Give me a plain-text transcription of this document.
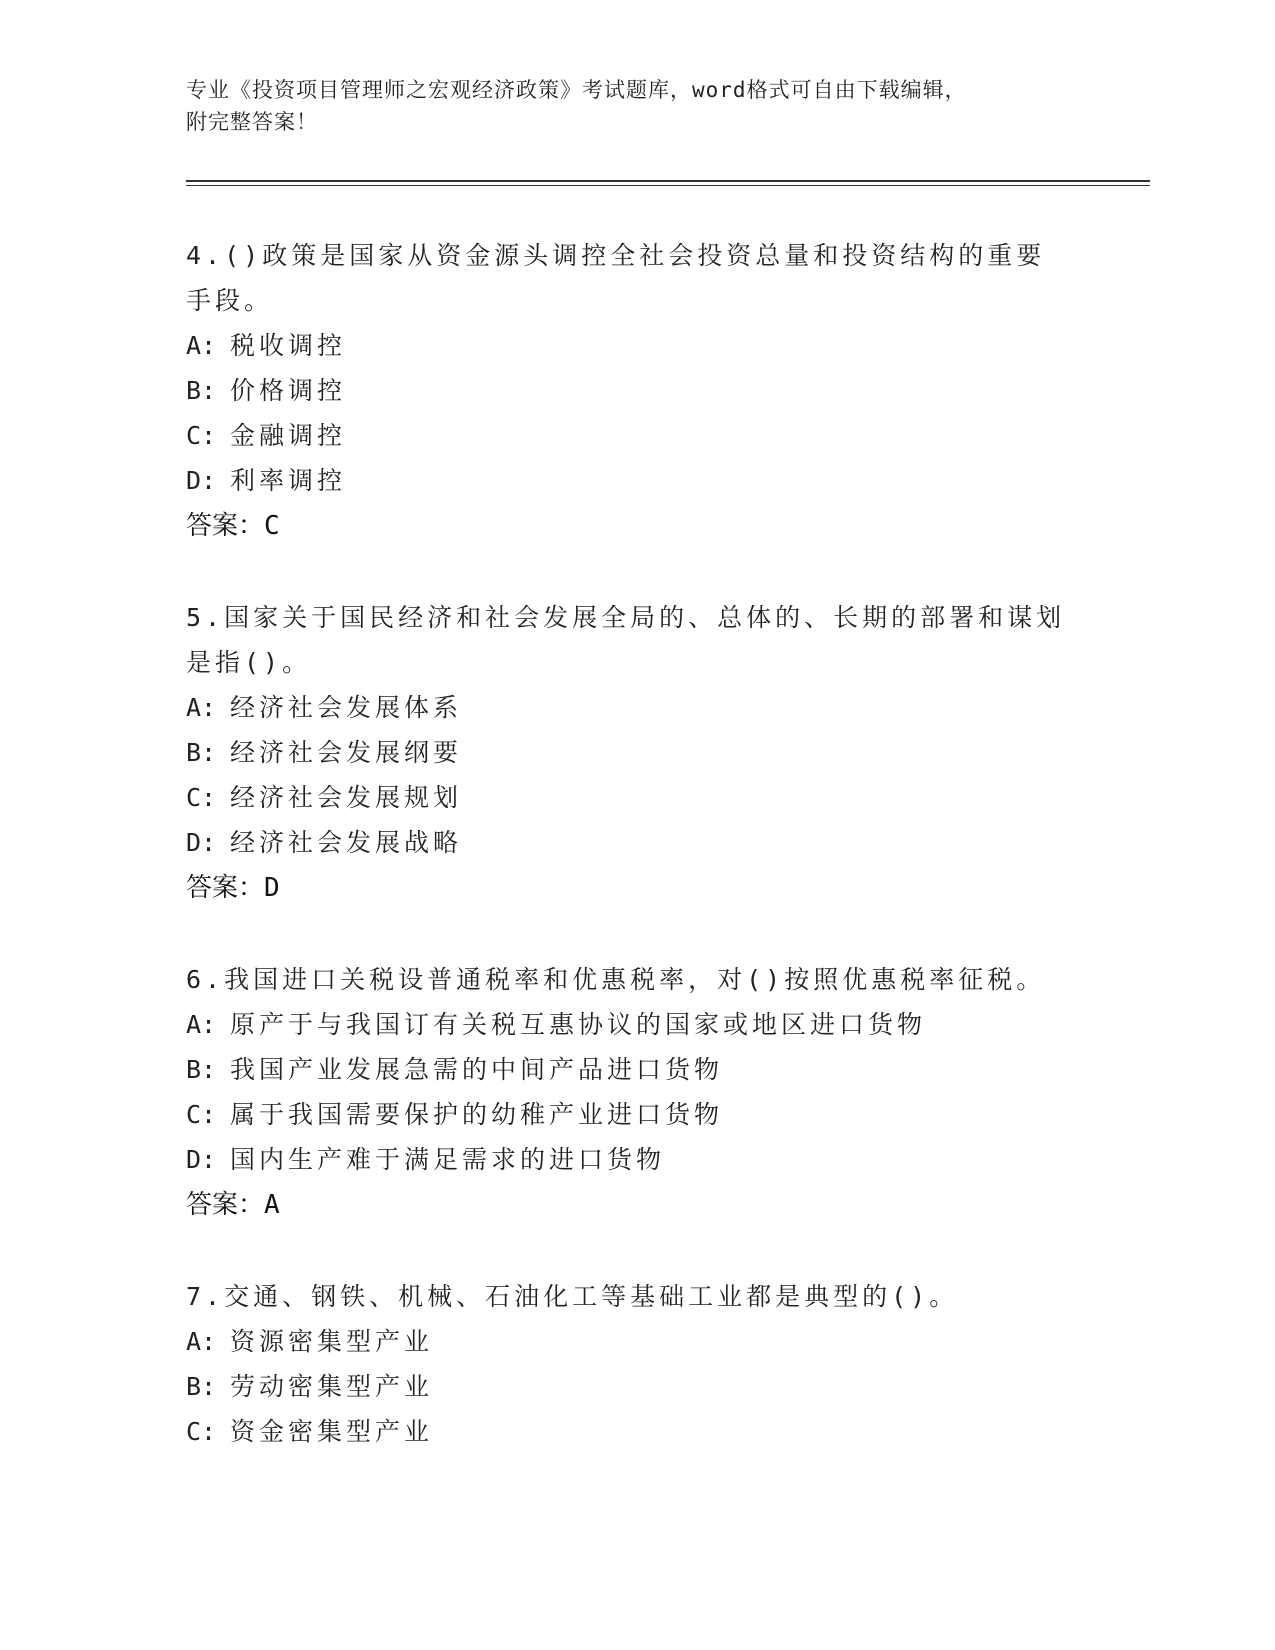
专业《投资项目管理师之宏观经济政策》考试题库，word格式可自由下载编辑，
附完整答案！
4.()政策是国家从资金源头调控全社会投资总量和投资结构的重要手段。
A: 税收调控
B: 价格调控
C: 金融调控
D: 利率调控
答案：C
5.国家关于国民经济和社会发展全局的、总体的、长期的部署和谋划是指()。
A: 经济社会发展体系
B: 经济社会发展纲要
C: 经济社会发展规划
D: 经济社会发展战略
答案：D
6.我国进口关税设普通税率和优惠税率，对()按照优惠税率征税。
A: 原产于与我国订有关税互惠协议的国家或地区进口货物
B: 我国产业发展急需的中间产品进口货物
C: 属于我国需要保护的幼稚产业进口货物
D: 国内生产难于满足需求的进口货物
答案：A
7.交通、钢铁、机械、石油化工等基础工业都是典型的()。
A: 资源密集型产业
B: 劳动密集型产业
C: 资金密集型产业
